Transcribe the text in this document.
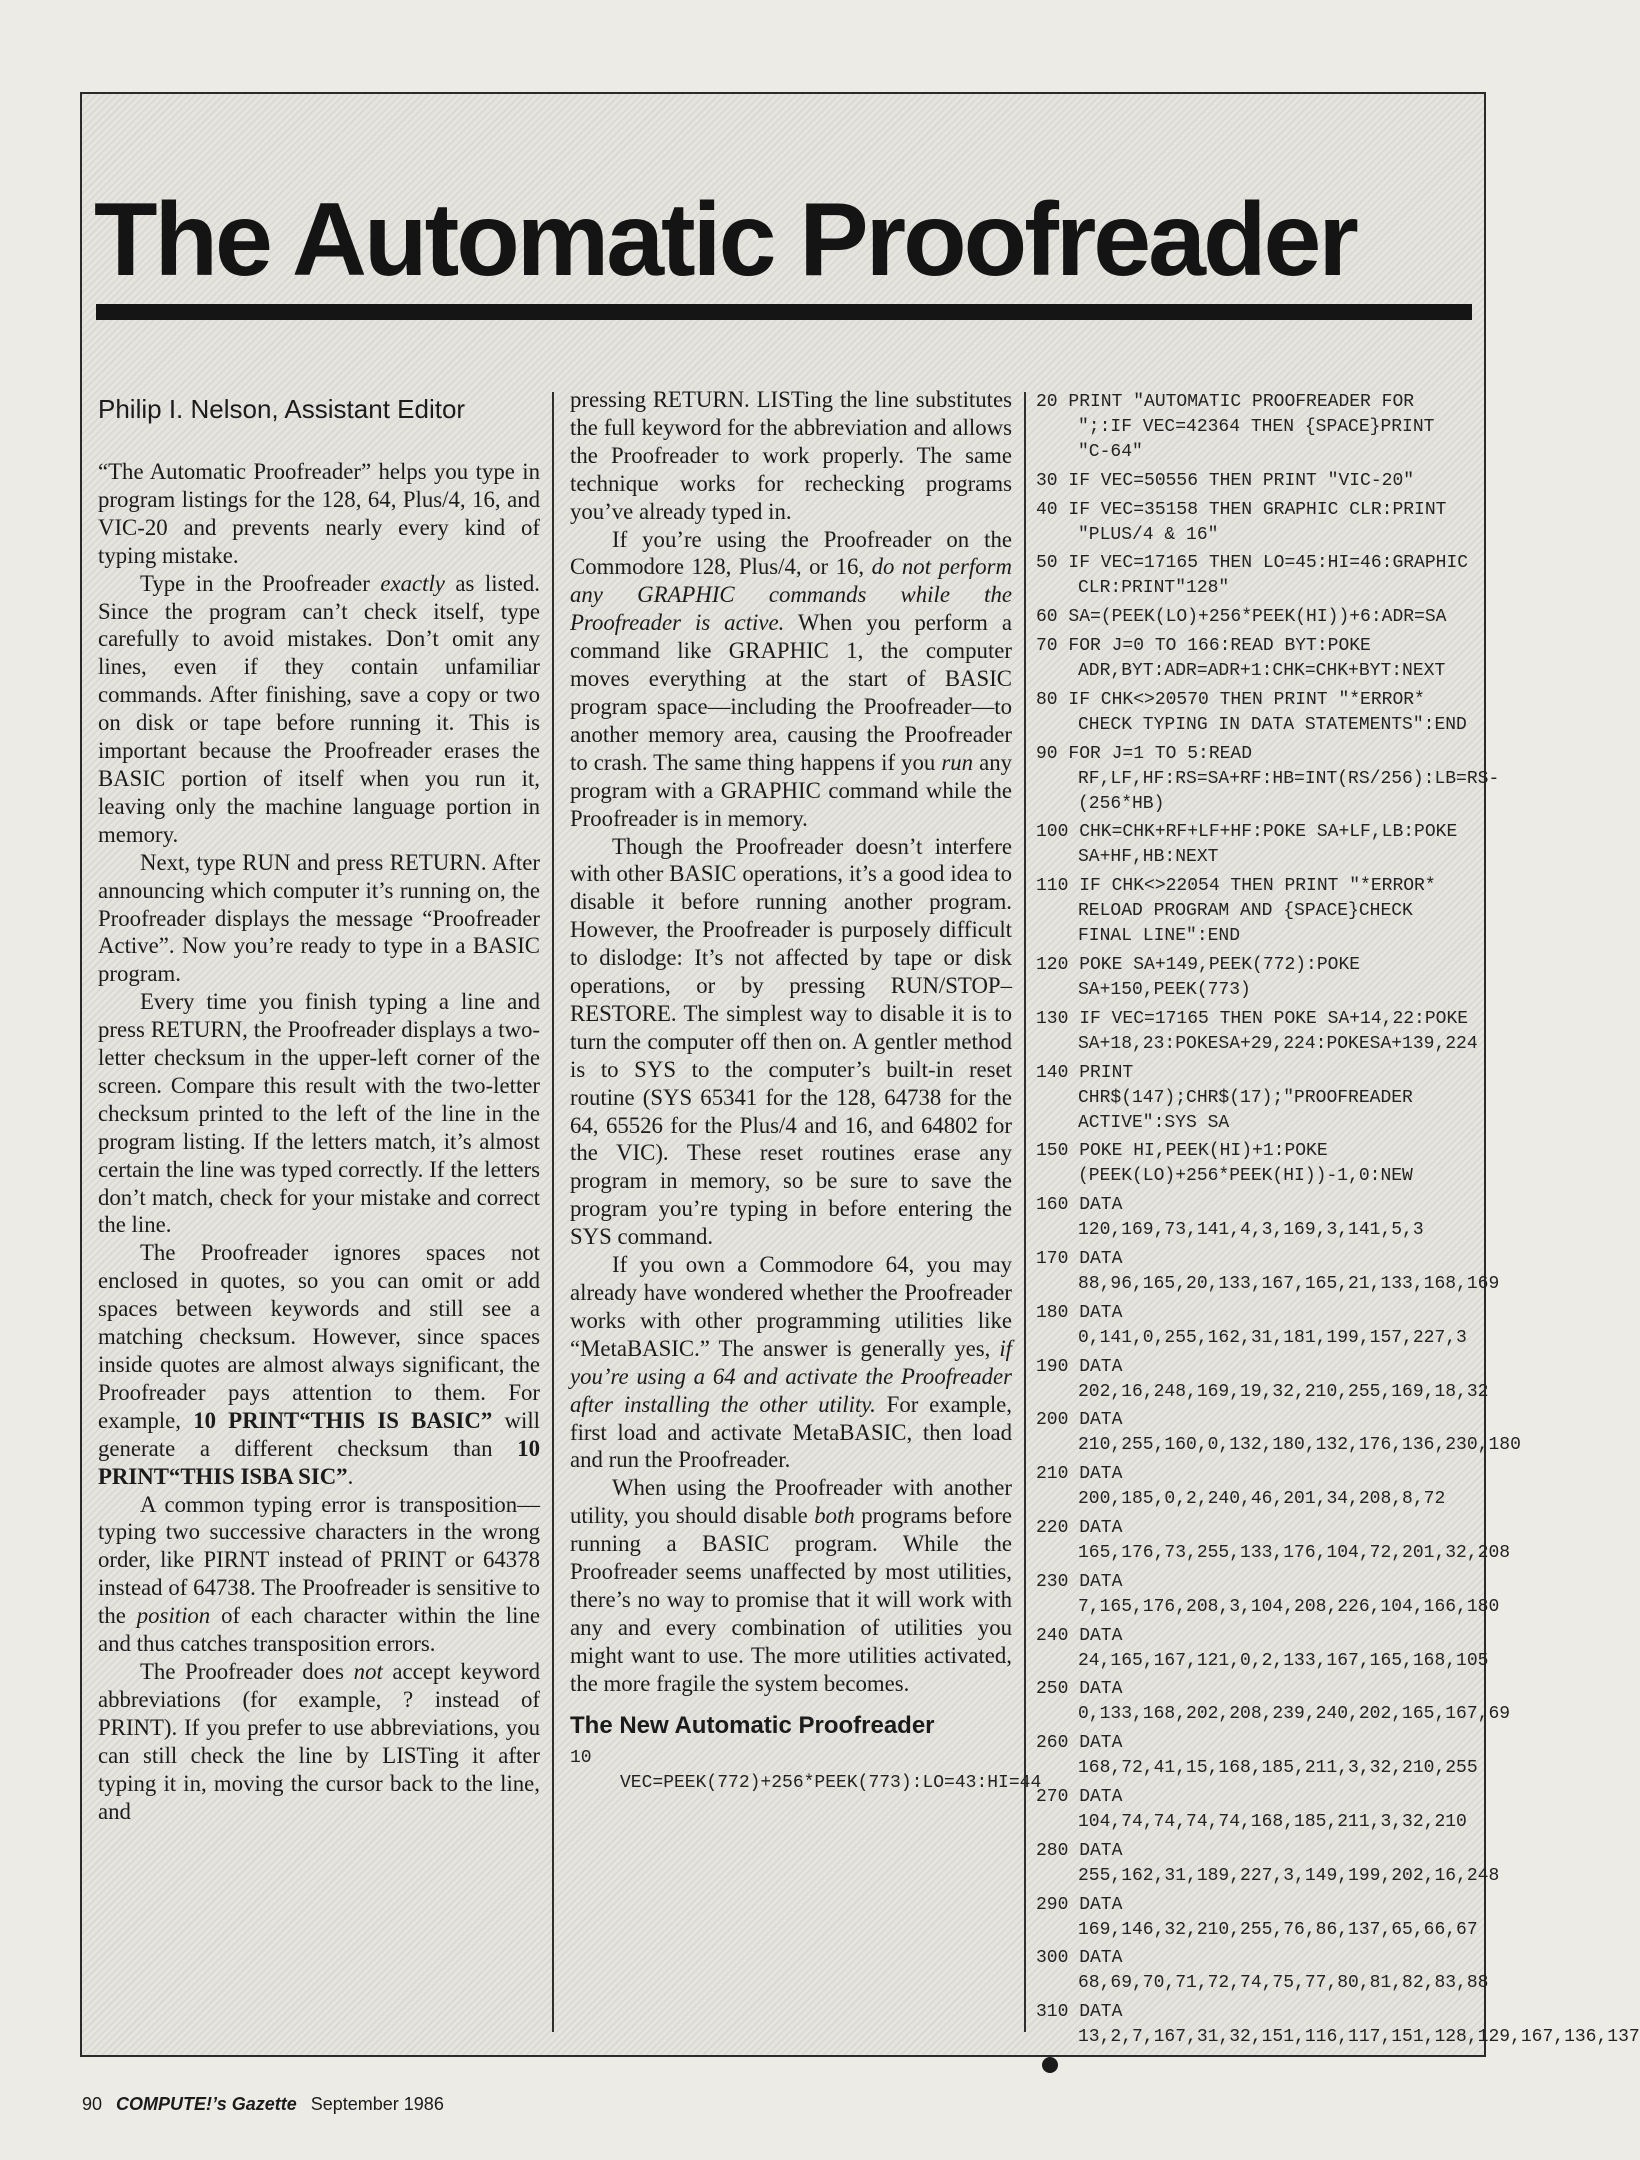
The Automatic Proofreader
Philip I. Nelson, Assistant Editor

“The Automatic Proofreader” helps you type in program listings for the 128, 64, Plus/4, 16, and VIC-20 and prevents nearly every kind of typing mistake.

Type in the Proofreader exactly as listed. Since the program can’t check itself, type carefully to avoid mistakes. Don’t omit any lines, even if they contain unfamiliar commands. After finishing, save a copy or two on disk or tape before running it. This is important because the Proofreader erases the BASIC portion of itself when you run it, leaving only the machine language portion in memory.

Next, type RUN and press RETURN. After announcing which computer it’s running on, the Proofreader displays the message “Proofreader Active”. Now you’re ready to type in a BASIC program.

Every time you finish typing a line and press RETURN, the Proofreader displays a two-letter checksum in the upper-left corner of the screen. Compare this result with the two-letter checksum printed to the left of the line in the program listing. If the letters match, it’s almost certain the line was typed correctly. If the letters don’t match, check for your mistake and correct the line.

The Proofreader ignores spaces not enclosed in quotes, so you can omit or add spaces between keywords and still see a matching checksum. However, since spaces inside quotes are almost always significant, the Proofreader pays attention to them. For example, 10 PRINT“THIS IS BASIC” will generate a different checksum than 10 PRINT“THIS ISBA SIC”.

A common typing error is transposition—typing two successive characters in the wrong order, like PIRNT instead of PRINT or 64378 instead of 64738. The Proofreader is sensitive to the position of each character within the line and thus catches transposition errors.

The Proofreader does not accept keyword abbreviations (for example, ? instead of PRINT). If you prefer to use abbreviations, you can still check the line by LISTing it after typing it in, moving the cursor back to the line, and

pressing RETURN. LISTing the line substitutes the full keyword for the abbreviation and allows the Proofreader to work properly. The same technique works for rechecking programs you’ve already typed in.

If you’re using the Proofreader on the Commodore 128, Plus/4, or 16, do not perform any GRAPHIC commands while the Proofreader is active. When you perform a command like GRAPHIC 1, the computer moves everything at the start of BASIC program space—including the Proofreader—to another memory area, causing the Proofreader to crash. The same thing happens if you run any program with a GRAPHIC command while the Proofreader is in memory.

Though the Proofreader doesn’t interfere with other BASIC operations, it’s a good idea to disable it before running another program. However, the Proofreader is purposely difficult to dislodge: It’s not affected by tape or disk operations, or by pressing RUN/STOP– RESTORE. The simplest way to disable it is to turn the computer off then on. A gentler method is to SYS to the computer’s built-in reset routine (SYS 65341 for the 128, 64738 for the 64, 65526 for the Plus/4 and 16, and 64802 for the VIC). These reset routines erase any program in memory, so be sure to save the program you’re typing in before entering the SYS command.

If you own a Commodore 64, you may already have wondered whether the Proofreader works with other programming utilities like “MetaBASIC.” The answer is generally yes, if you’re using a 64 and activate the Proofreader after installing the other utility. For example, first load and activate MetaBASIC, then load and run the Proofreader.

When using the Proofreader with another utility, you should disable both programs before running a BASIC program. While the Proofreader seems unaffected by most utilities, there’s no way to promise that it will work with any and every combination of utilities you might want to use. The more utilities activated, the more fragile the system becomes.

The New Automatic Proofreader
10 VEC=PEEK(772)+256*PEEK(773):LO=43:HI=44
20 PRINT "AUTOMATIC PROOFREADER FOR ";:IF VEC=42364 THEN {SPACE}PRINT "C-64"
30 IF VEC=50556 THEN PRINT "VIC-20"
40 IF VEC=35158 THEN GRAPHIC CLR:PRINT "PLUS/4 & 16"
50 IF VEC=17165 THEN LO=45:HI=46:GRAPHIC CLR:PRINT"128"
60 SA=(PEEK(LO)+256*PEEK(HI))+6:ADR=SA
70 FOR J=0 TO 166:READ BYT:POKE ADR,BYT:ADR=ADR+1:CHK=CHK+BYT:NEXT
80 IF CHK<>20570 THEN PRINT "*ERROR* CHECK TYPING IN DATA STATEMENTS":END
90 FOR J=1 TO 5:READ RF,LF,HF:RS=SA+RF:HB=INT(RS/256):LB=RS-(256*HB)
100 CHK=CHK+RF+LF+HF:POKE SA+LF,LB:POKE SA+HF,HB:NEXT
110 IF CHK<>22054 THEN PRINT "*ERROR* RELOAD PROGRAM AND {SPACE}CHECK FINAL LINE":END
120 POKE SA+149,PEEK(772):POKE SA+150,PEEK(773)
130 IF VEC=17165 THEN POKE SA+14,22:POKE SA+18,23:POKESA+29,224:POKESA+139,224
140 PRINT CHR$(147);CHR$(17);"PROOFREADER ACTIVE":SYS SA
150 POKE HI,PEEK(HI)+1:POKE (PEEK(LO)+256*PEEK(HI))-1,0:NEW
160 DATA 120,169,73,141,4,3,169,3,141,5,3
170 DATA 88,96,165,20,133,167,165,21,133,168,169
180 DATA 0,141,0,255,162,31,181,199,157,227,3
190 DATA 202,16,248,169,19,32,210,255,169,18,32
200 DATA 210,255,160,0,132,180,132,176,136,230,180
210 DATA 200,185,0,2,240,46,201,34,208,8,72
220 DATA 165,176,73,255,133,176,104,72,201,32,208
230 DATA 7,165,176,208,3,104,208,226,104,166,180
240 DATA 24,165,167,121,0,2,133,167,165,168,105
250 DATA 0,133,168,202,208,239,240,202,165,167,69
260 DATA 168,72,41,15,168,185,211,3,32,210,255
270 DATA 104,74,74,74,74,168,185,211,3,32,210
280 DATA 255,162,31,189,227,3,149,199,202,16,248
290 DATA 169,146,32,210,255,76,86,137,65,66,67
300 DATA 68,69,70,71,72,74,75,77,80,81,82,83,88
310 DATA 13,2,7,167,31,32,151,116,117,151,128,129,167,136,137
90 COMPUTE!’s Gazette September 1986
